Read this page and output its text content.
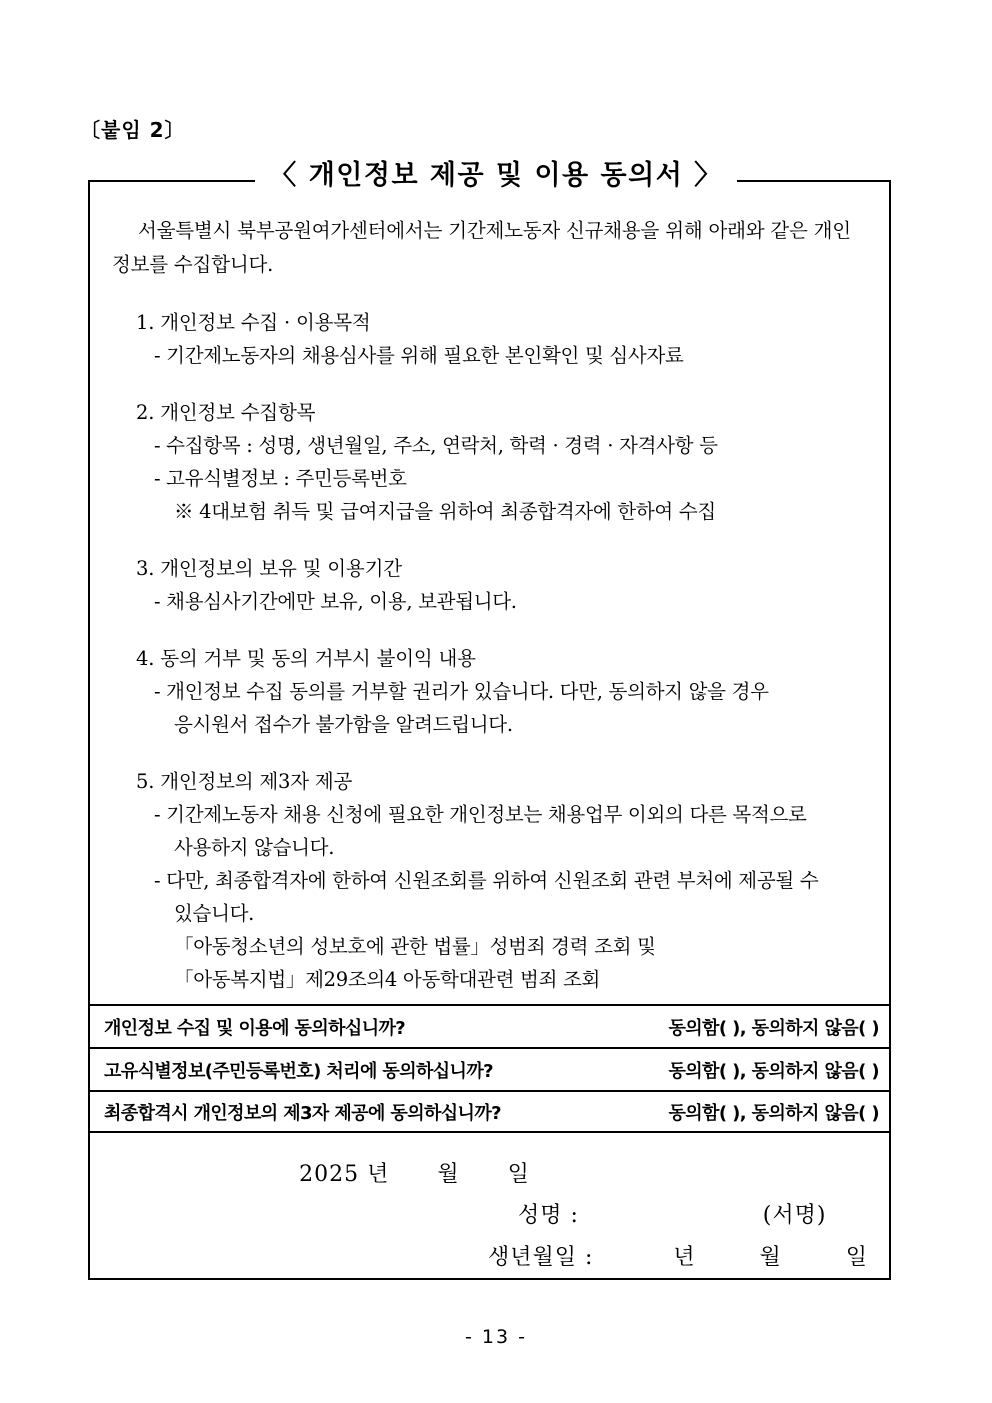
〔붙임 2〕
〈 개인정보 제공 및 이용 동의서 〉

서울특별시 북부공원여가센터에서는 기간제노동자 신규채용을 위해 아래와 같은 개인정보를 수집합니다.

1. 개인정보 수집 · 이용목적
- 기간제노동자의 채용심사를 위해 필요한 본인확인 및 심사자료
2. 개인정보 수집항목
- 수집항목 : 성명, 생년월일, 주소, 연락처, 학력 · 경력 · 자격사항 등
- 고유식별정보 : 주민등록번호
※ 4대보험 취득 및 급여지급을 위하여 최종합격자에 한하여 수집
3. 개인정보의 보유 및 이용기간
- 채용심사기간에만 보유, 이용, 보관됩니다.
4. 동의 거부 및 동의 거부시 불이익 내용
- 개인정보 수집 동의를 거부할 권리가 있습니다. 다만, 동의하지 않을 경우
응시원서 접수가 불가함을 알려드립니다.
5. 개인정보의 제3자 제공
- 기간제노동자 채용 신청에 필요한 개인정보는 채용업무 이외의 다른 목적으로
사용하지 않습니다.
- 다만, 최종합격자에 한하여 신원조회를 위하여 신원조회 관련 부처에 제공될 수
있습니다.
「아동청소년의 성보호에 관한 법률」성범죄 경력 조회 및
「아동복지법」제29조의4 아동학대관련 범죄 조회
개인정보 수집 및 이용에 동의하십니까?	동의함( ), 동의하지 않음( )
고유식별정보(주민등록번호) 처리에 동의하십니까?	동의함( ), 동의하지 않음( )
최종합격시 개인정보의 제3자 제공에 동의하십니까?	동의함( ), 동의하지 않음( )
2025 년      월      일
성명 :                       (서명)
생년월일 :          년        월        일
- 13 -
